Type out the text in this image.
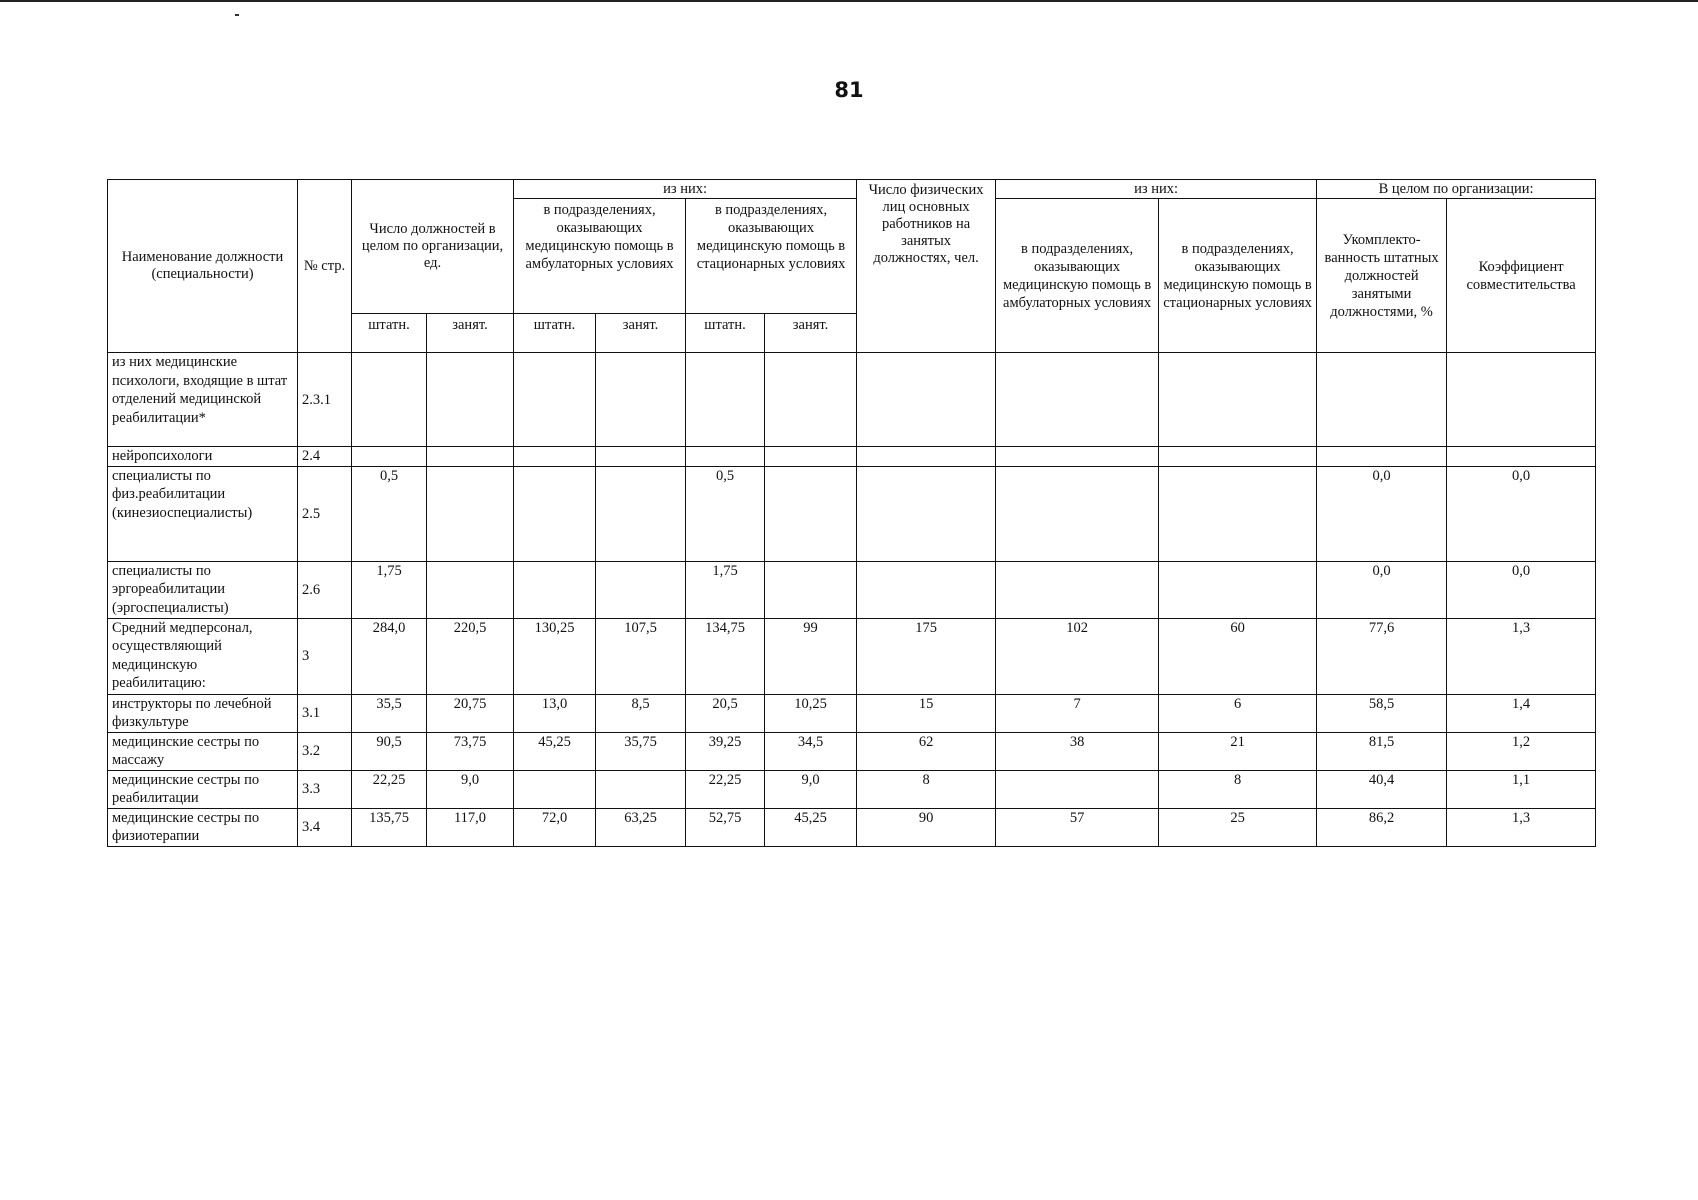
81
Наименование должности (специальности)	№ стр.	Число должностей в целом по организации, ед.		из них:				Число физических лиц основных работников на занятых должностях, чел.	из них:		В целом по организации:	
				в подразделениях, оказывающих медицинскую помощь в амбулаторных условиях		в подразделениях, оказывающих медицинскую помощь в стационарных условиях			в подразделениях, оказывающих медицинскую помощь в амбулаторных условиях	в подразделениях, оказывающих медицинскую помощь в стационарных условиях	Укомплекто-ванность штатных должностей занятыми должностями, %	Коэффициент совместительства
		штатн.	занят.	штатн.	занят.	штатн.	занят.					
из них медицинские психологи, входящие в штат отделений медицинской реабилитации*	2.3.1											
нейропсихологи	2.4											
специалисты по физ.реабилитации (кинезиоспециалисты)	2.5	0,5				0,5					0,0	0,0
специалисты по эргореабилитации (эргоспециалисты)	2.6	1,75				1,75					0,0	0,0
Средний медперсонал, осуществляющий медицинскую реабилитацию:	3	284,0	220,5	130,25	107,5	134,75	99	175	102	60	77,6	1,3
инструкторы по лечебной физкультуре	3.1	35,5	20,75	13,0	8,5	20,5	10,25	15	7	6	58,5	1,4
медицинские сестры по массажу	3.2	90,5	73,75	45,25	35,75	39,25	34,5	62	38	21	81,5	1,2
медицинские сестры по реабилитации	3.3	22,25	9,0			22,25	9,0	8		8	40,4	1,1
медицинские сестры по физиотерапии	3.4	135,75	117,0	72,0	63,25	52,75	45,25	90	57	25	86,2	1,3
